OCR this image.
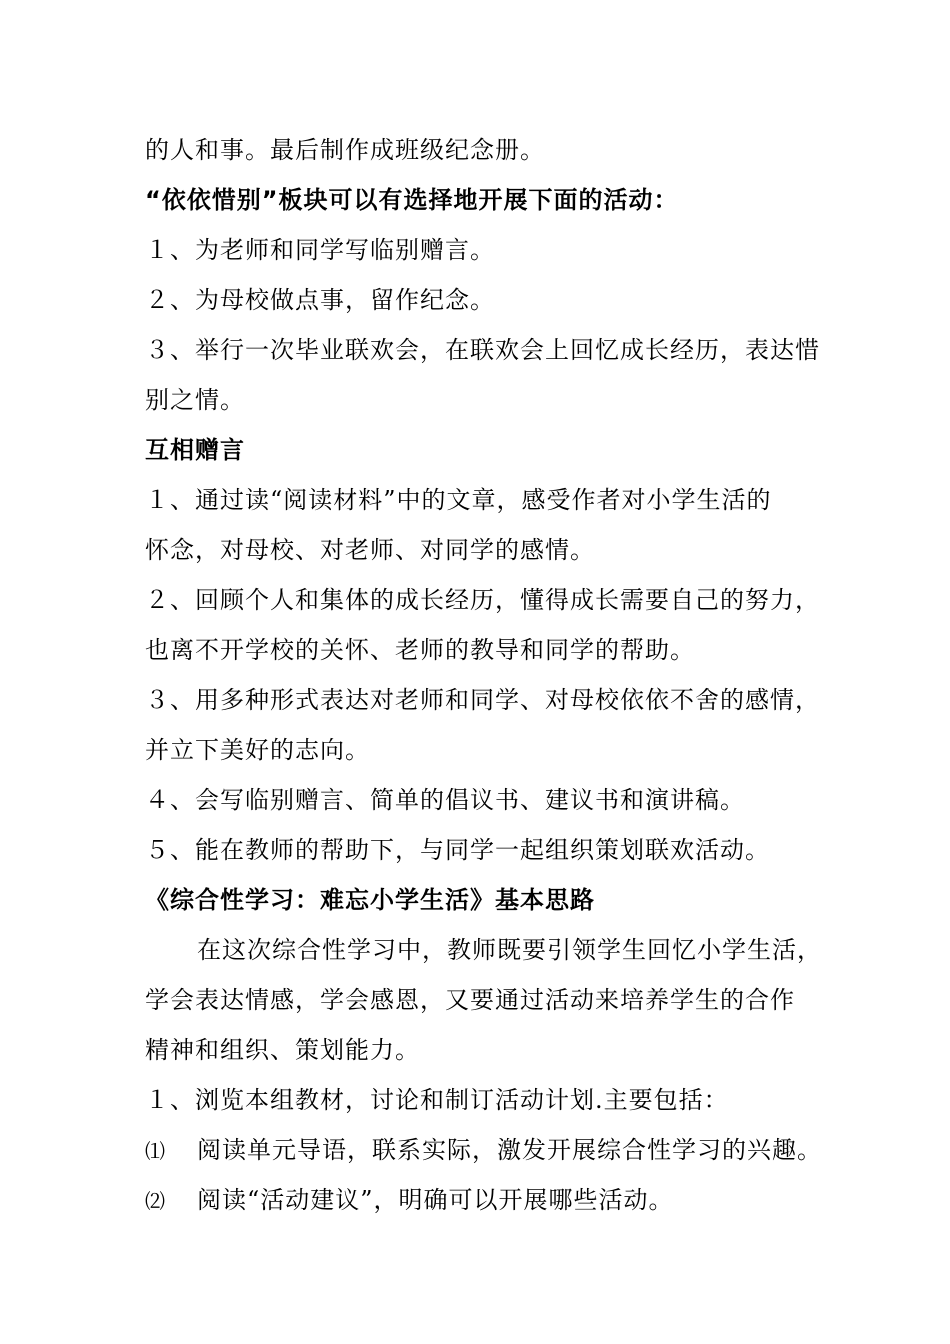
的人和事。最后制作成班级纪念册。
“依依惜别”板块可以有选择地开展下面的活动：
１、为老师和同学写临别赠言。
２、为母校做点事，留作纪念。
３、举行一次毕业联欢会，在联欢会上回忆成长经历，表达惜
别之情。
互相赠言
１、通过读“阅读材料”中的文章，感受作者对小学生活的
怀念，对母校、对老师、对同学的感情。
２、回顾个人和集体的成长经历，懂得成长需要自己的努力，
也离不开学校的关怀、老师的教导和同学的帮助。
３、用多种形式表达对老师和同学、对母校依依不舍的感情，
并立下美好的志向。
４、会写临别赠言、简单的倡议书、建议书和演讲稿。
５、能在教师的帮助下，与同学一起组织策划联欢活动。
《综合性学习：难忘小学生活》基本思路
在这次综合性学习中，教师既要引领学生回忆小学生活，
学会表达情感，学会感恩，又要通过活动来培养学生的合作
精神和组织、策划能力。
１、浏览本组教材，讨论和制订活动计划.主要包括：
⑴ 阅读单元导语，联系实际，激发开展综合性学习的兴趣。
⑵ 阅读“活动建议”，明确可以开展哪些活动。
